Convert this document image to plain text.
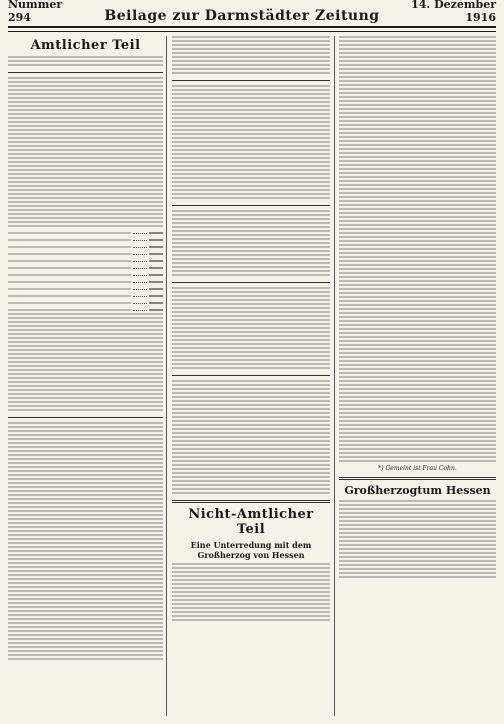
Nummer 294	Beilage zur Darmstädter Zeitung
14. Dezember 1916
Amtlicher Teil
Nicht-Amtlicher Teil
Eine Unterredung mit dem Großherzog von Hessen
*) Gemeint ist Frau Cohn.
Großherzogtum Hessen
